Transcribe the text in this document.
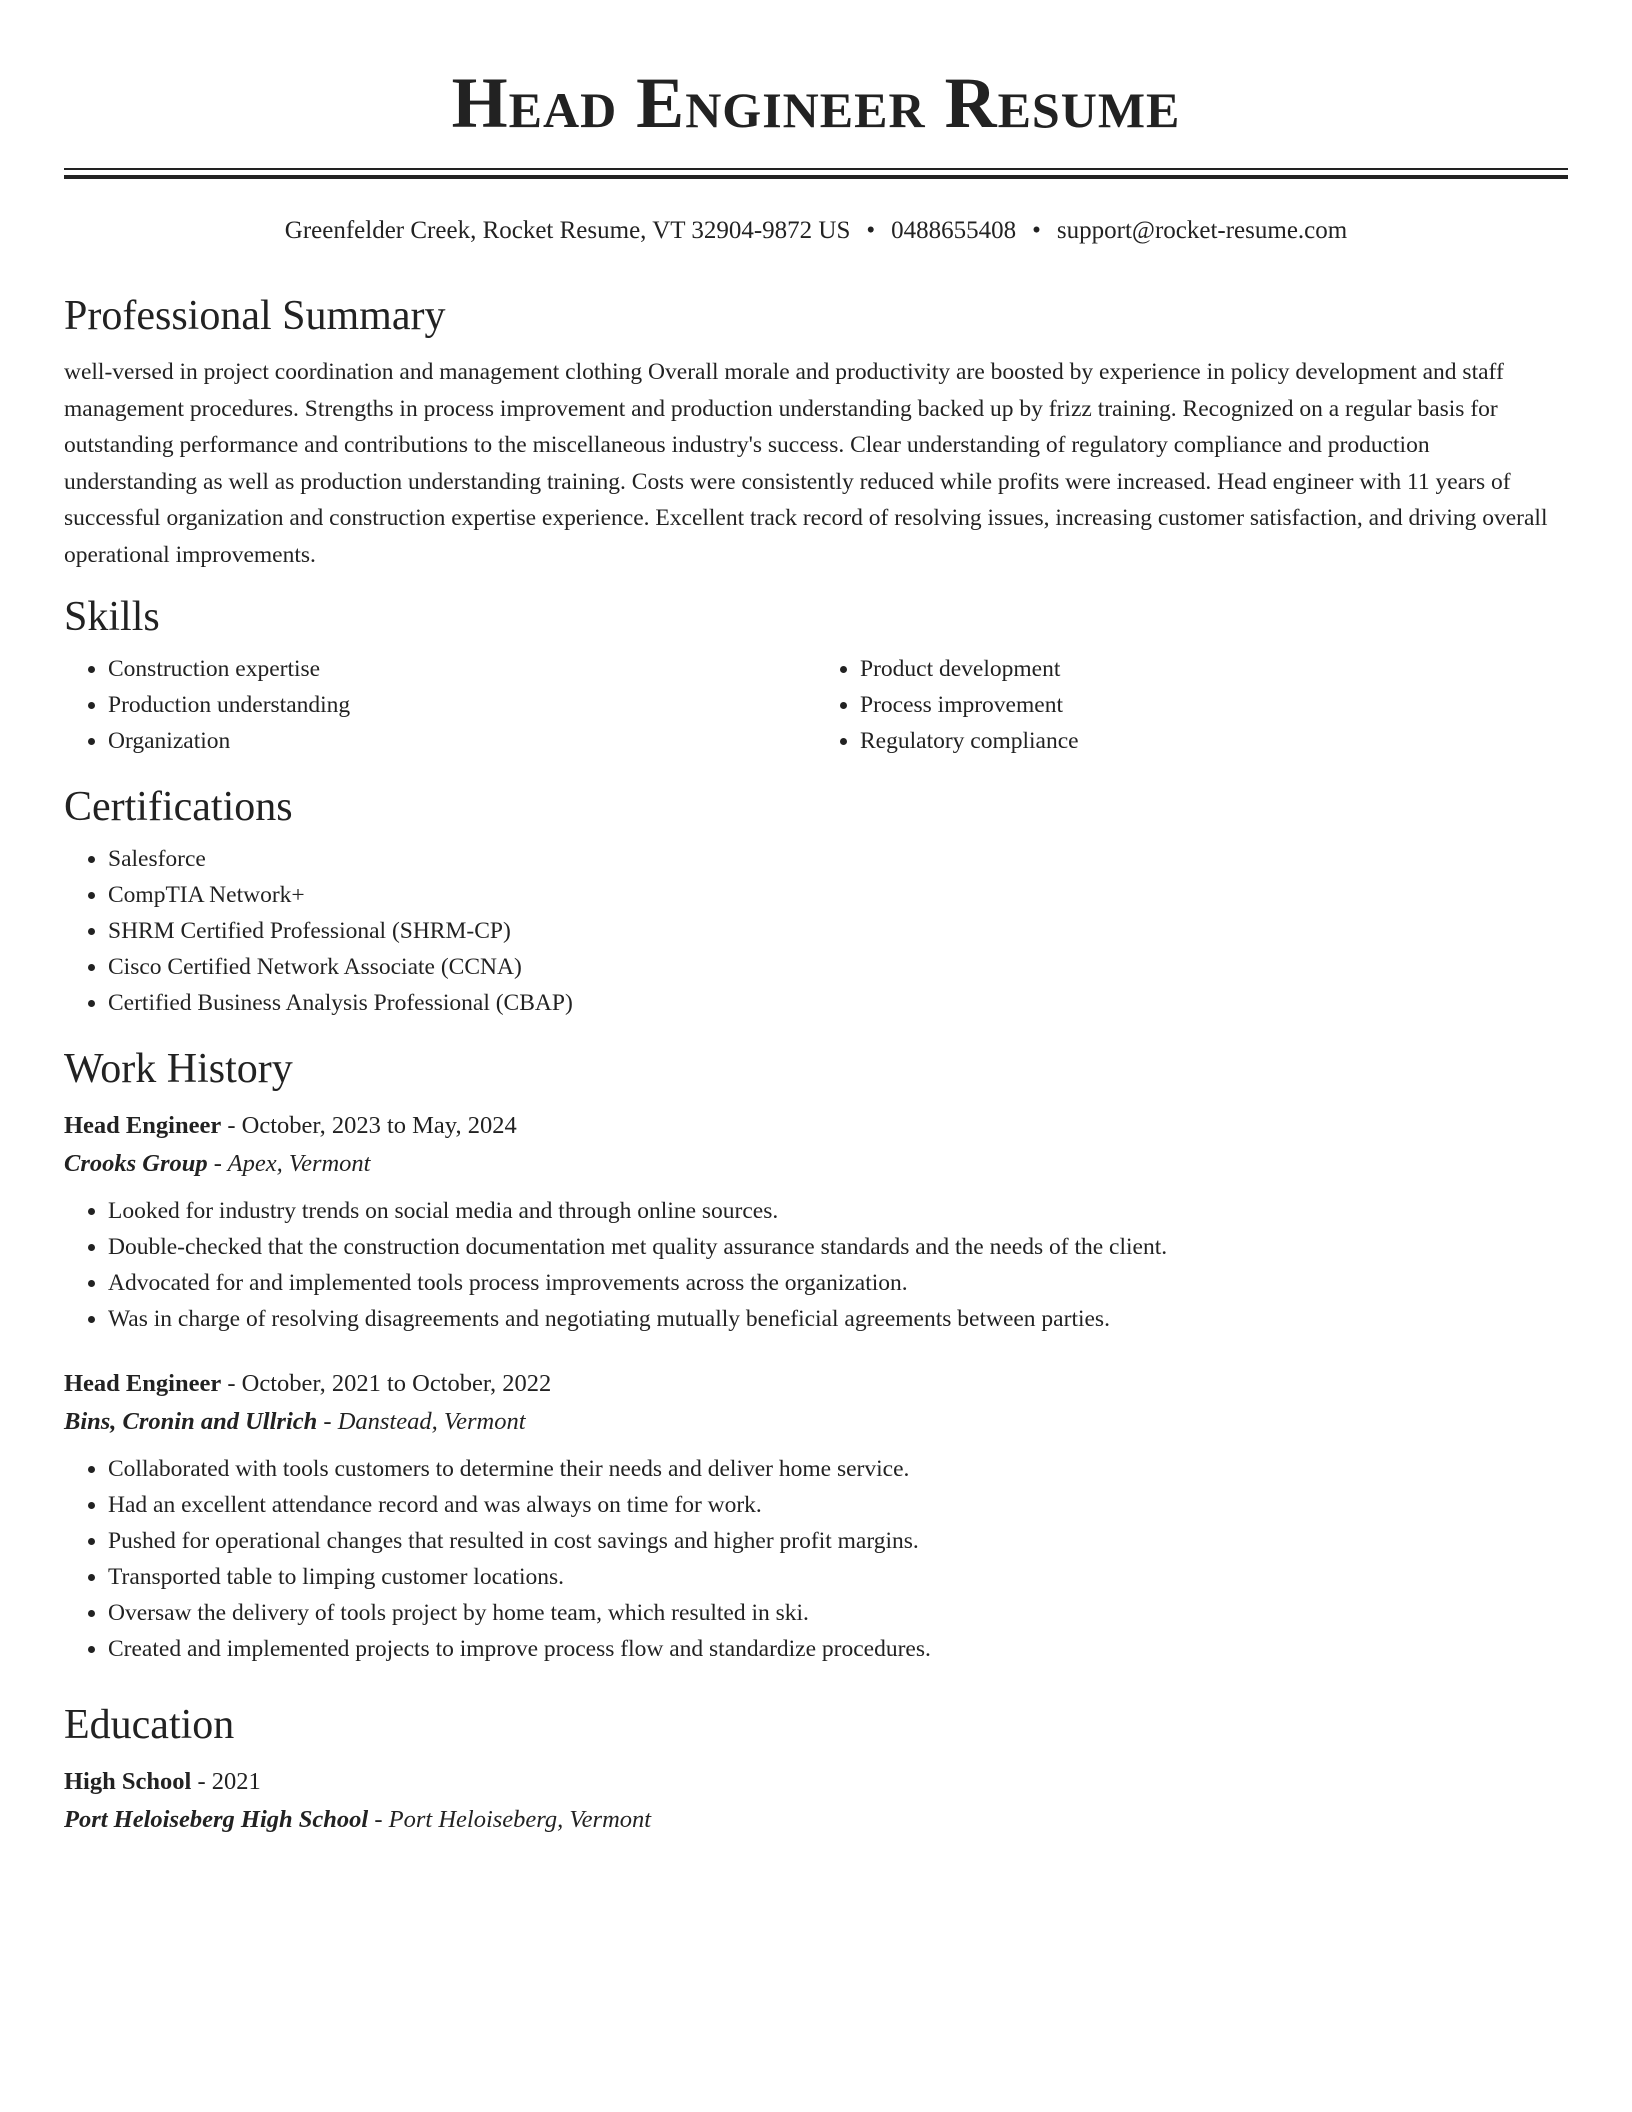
Head Engineer Resume
Greenfelder Creek, Rocket Resume, VT 32904-9872 US • 0488655408 • support@rocket-resume.com
Professional Summary

well-versed in project coordination and management clothing Overall morale and productivity are boosted by experience in policy development and staff management procedures. Strengths in process improvement and production understanding backed up by frizz training. Recognized on a regular basis for outstanding performance and contributions to the miscellaneous industry's success. Clear understanding of regulatory compliance and production understanding as well as production understanding training. Costs were consistently reduced while profits were increased. Head engineer with 11 years of successful organization and construction expertise experience. Excellent track record of resolving issues, increasing customer satisfaction, and driving overall operational improvements.

Skills
• Construction expertise
• Production understanding
• Organization
• Product development
• Process improvement
• Regulatory compliance
Certifications
• Salesforce
• CompTIA Network+
• SHRM Certified Professional (SHRM-CP)
• Cisco Certified Network Associate (CCNA)
• Certified Business Analysis Professional (CBAP)
Work History
Head Engineer - October, 2023 to May, 2024
Crooks Group - Apex, Vermont
• Looked for industry trends on social media and through online sources.
• Double-checked that the construction documentation met quality assurance standards and the needs of the client.
• Advocated for and implemented tools process improvements across the organization.
• Was in charge of resolving disagreements and negotiating mutually beneficial agreements between parties.
Head Engineer - October, 2021 to October, 2022
Bins, Cronin and Ullrich - Danstead, Vermont
• Collaborated with tools customers to determine their needs and deliver home service.
• Had an excellent attendance record and was always on time for work.
• Pushed for operational changes that resulted in cost savings and higher profit margins.
• Transported table to limping customer locations.
• Oversaw the delivery of tools project by home team, which resulted in ski.
• Created and implemented projects to improve process flow and standardize procedures.
Education
High School - 2021
Port Heloiseberg High School - Port Heloiseberg, Vermont
